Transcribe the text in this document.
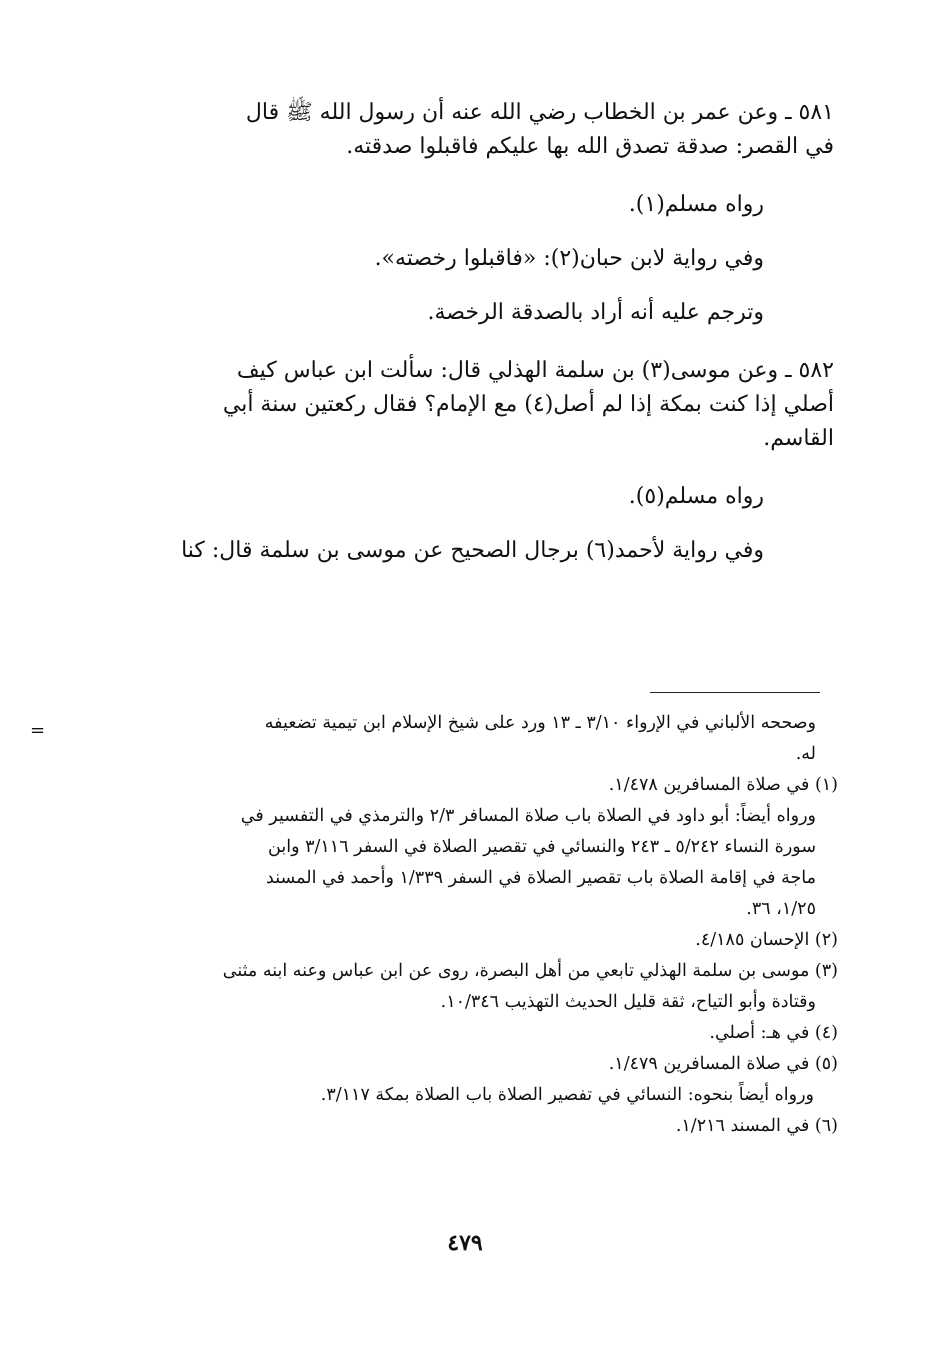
٥٨١ ـ وعن عمر بن الخطاب رضي الله عنه أن رسول الله ﷺ قال

في القصر: صدقة تصدق الله بها عليكم فاقبلوا صدقته.

رواه مسلم(١).

وفي رواية لابن حبان(٢): «فاقبلوا رخصته».

وترجم عليه أنه أراد بالصدقة الرخصة.

٥٨٢ ـ وعن موسى(٣) بن سلمة الهذلي قال: سألت ابن عباس كيف

أصلي إذا كنت بمكة إذا لم أصل(٤) مع الإمام؟ فقال ركعتين سنة أبي

القاسم.

رواه مسلم(٥).

وفي رواية لأحمد(٦) برجال الصحيح عن موسى بن سلمة قال: كنا

=	وصححه الألباني في الإرواء ٣/١٠ ـ ١٣ ورد على شيخ الإسلام ابن تيمية تضعيفه

له.

(١) في صلاة المسافرين ١/٤٧٨.

ورواه أيضاً: أبو داود في الصلاة باب صلاة المسافر ٢/٣ والترمذي في التفسير في

سورة النساء ٥/٢٤٢ ـ ٢٤٣ والنسائي في تقصير الصلاة في السفر ٣/١١٦ وابن

ماجة في إقامة الصلاة باب تقصير الصلاة في السفر ١/٣٣٩ وأحمد في المسند

١/٢٥، ٣٦.

(٢) الإحسان ٤/١٨٥.

(٣) موسى بن سلمة الهذلي تابعي من أهل البصرة، روى عن ابن عباس وعنه ابنه مثنى

وقتادة وأبو التياح، ثقة قليل الحديث التهذيب ١٠/٣٤٦.

(٤) في هـ: أصلي.

(٥) في صلاة المسافرين ١/٤٧٩.

ورواه أيضاً بنحوه: النسائي في تفصير الصلاة باب الصلاة بمكة ٣/١١٧.

(٦) في المسند ١/٢١٦.

٤٧٩
